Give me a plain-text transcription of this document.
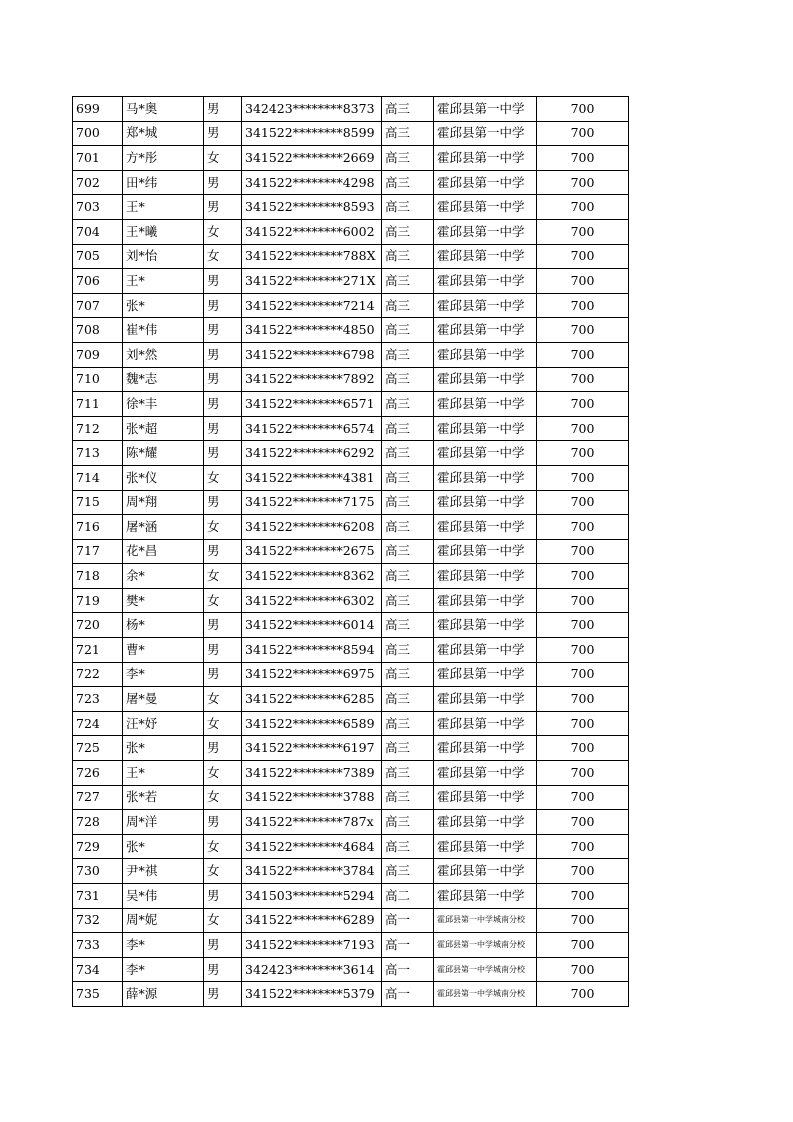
699	马*奥	男	342423********8373	高三	霍邱县第一中学	700
700	郑*城	男	341522********8599	高三	霍邱县第一中学	700
701	方*彤	女	341522********2669	高三	霍邱县第一中学	700
702	田*纬	男	341522********4298	高三	霍邱县第一中学	700
703	王*	男	341522********8593	高三	霍邱县第一中学	700
704	王*曦	女	341522********6002	高三	霍邱县第一中学	700
705	刘*怡	女	341522********788X	高三	霍邱县第一中学	700
706	王*	男	341522********271X	高三	霍邱县第一中学	700
707	张*	男	341522********7214	高三	霍邱县第一中学	700
708	崔*伟	男	341522********4850	高三	霍邱县第一中学	700
709	刘*然	男	341522********6798	高三	霍邱县第一中学	700
710	魏*志	男	341522********7892	高三	霍邱县第一中学	700
711	徐*丰	男	341522********6571	高三	霍邱县第一中学	700
712	张*超	男	341522********6574	高三	霍邱县第一中学	700
713	陈*耀	男	341522********6292	高三	霍邱县第一中学	700
714	张*仪	女	341522********4381	高三	霍邱县第一中学	700
715	周*翔	男	341522********7175	高三	霍邱县第一中学	700
716	屠*涵	女	341522********6208	高三	霍邱县第一中学	700
717	花*昌	男	341522********2675	高三	霍邱县第一中学	700
718	余*	女	341522********8362	高三	霍邱县第一中学	700
719	樊*	女	341522********6302	高三	霍邱县第一中学	700
720	杨*	男	341522********6014	高三	霍邱县第一中学	700
721	曹*	男	341522********8594	高三	霍邱县第一中学	700
722	李*	男	341522********6975	高三	霍邱县第一中学	700
723	屠*曼	女	341522********6285	高三	霍邱县第一中学	700
724	汪*妤	女	341522********6589	高三	霍邱县第一中学	700
725	张*	男	341522********6197	高三	霍邱县第一中学	700
726	王*	女	341522********7389	高三	霍邱县第一中学	700
727	张*若	女	341522********3788	高三	霍邱县第一中学	700
728	周*洋	男	341522********787x	高三	霍邱县第一中学	700
729	张*	女	341522********4684	高三	霍邱县第一中学	700
730	尹*祺	女	341522********3784	高三	霍邱县第一中学	700
731	吴*伟	男	341503********5294	高二	霍邱县第一中学	700
732	周*妮	女	341522********6289	高一	霍邱县第一中学城南分校	700
733	李*	男	341522********7193	高一	霍邱县第一中学城南分校	700
734	李*	男	342423********3614	高一	霍邱县第一中学城南分校	700
735	薛*源	男	341522********5379	高一	霍邱县第一中学城南分校	700
